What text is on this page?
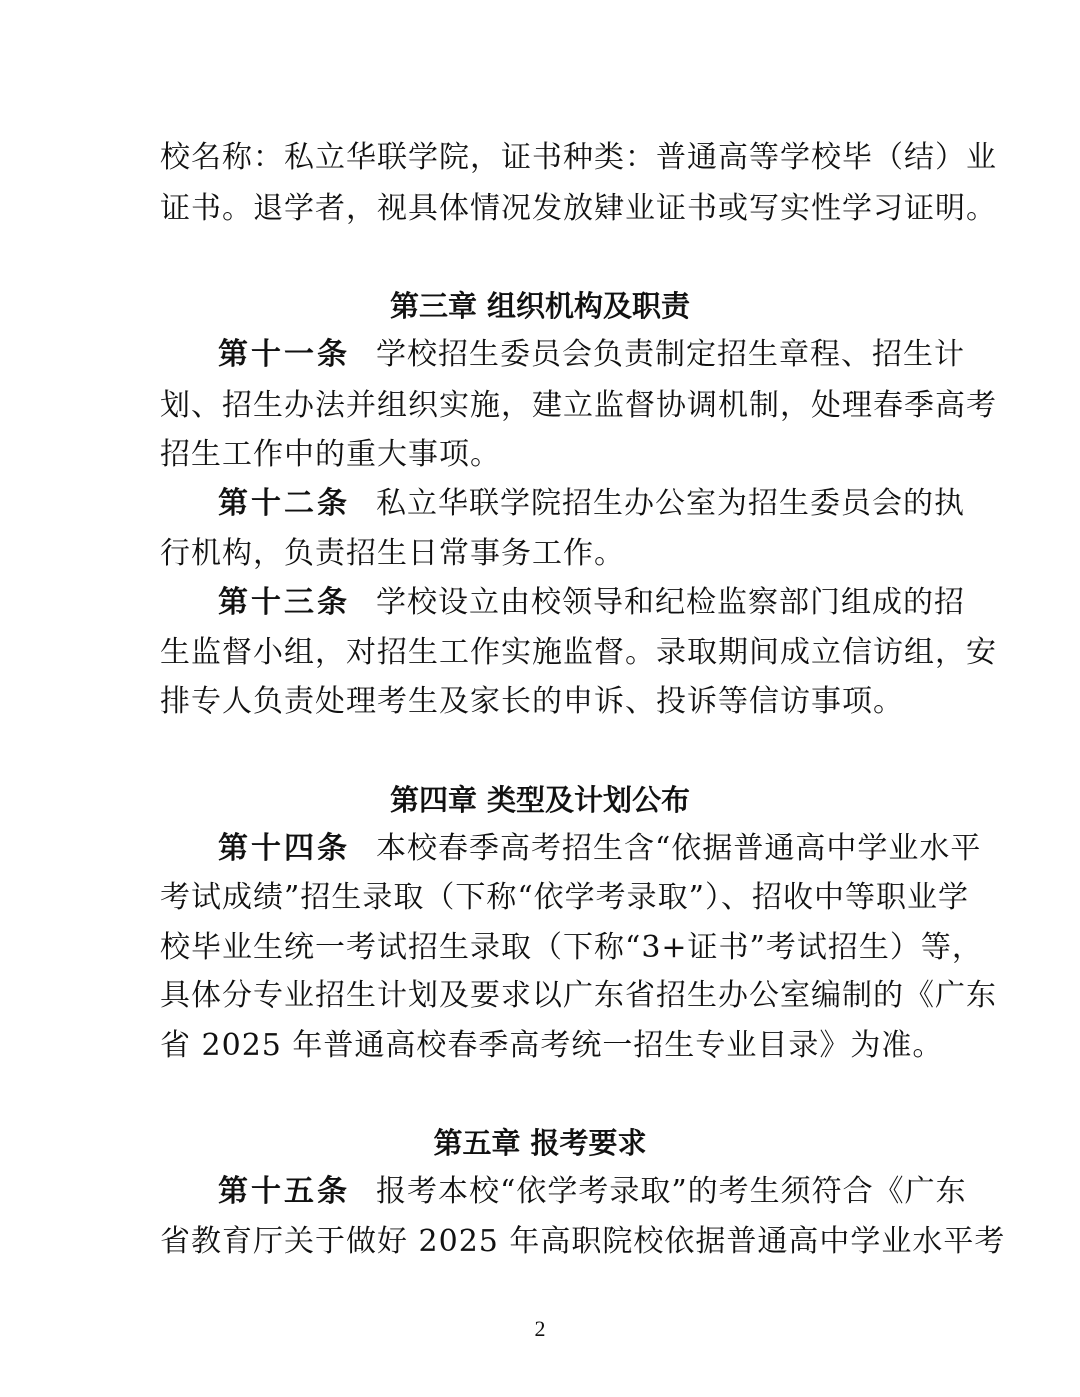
校名称：私立华联学院，证书种类：普通高等学校毕（结）业
证书。退学者，视具体情况发放肄业证书或写实性学习证明。
第三章 组织机构及职责
第十一条 学校招生委员会负责制定招生章程、招生计
划、招生办法并组织实施，建立监督协调机制，处理春季高考
招生工作中的重大事项。
第十二条 私立华联学院招生办公室为招生委员会的执
行机构，负责招生日常事务工作。
第十三条 学校设立由校领导和纪检监察部门组成的招
生监督小组，对招生工作实施监督。录取期间成立信访组，安
排专人负责处理考生及家长的申诉、投诉等信访事项。
第四章 类型及计划公布
第十四条 本校春季高考招生含“依据普通高中学业水平
考试成绩”招生录取（下称“依学考录取”）、招收中等职业学
校毕业生统一考试招生录取（下称“3+证书”考试招生）等，
具体分专业招生计划及要求以广东省招生办公室编制的《广东
省 2025 年普通高校春季高考统一招生专业目录》为准。
第五章 报考要求
第十五条 报考本校“依学考录取”的考生须符合《广东
省教育厅关于做好 2025 年高职院校依据普通高中学业水平考
2
